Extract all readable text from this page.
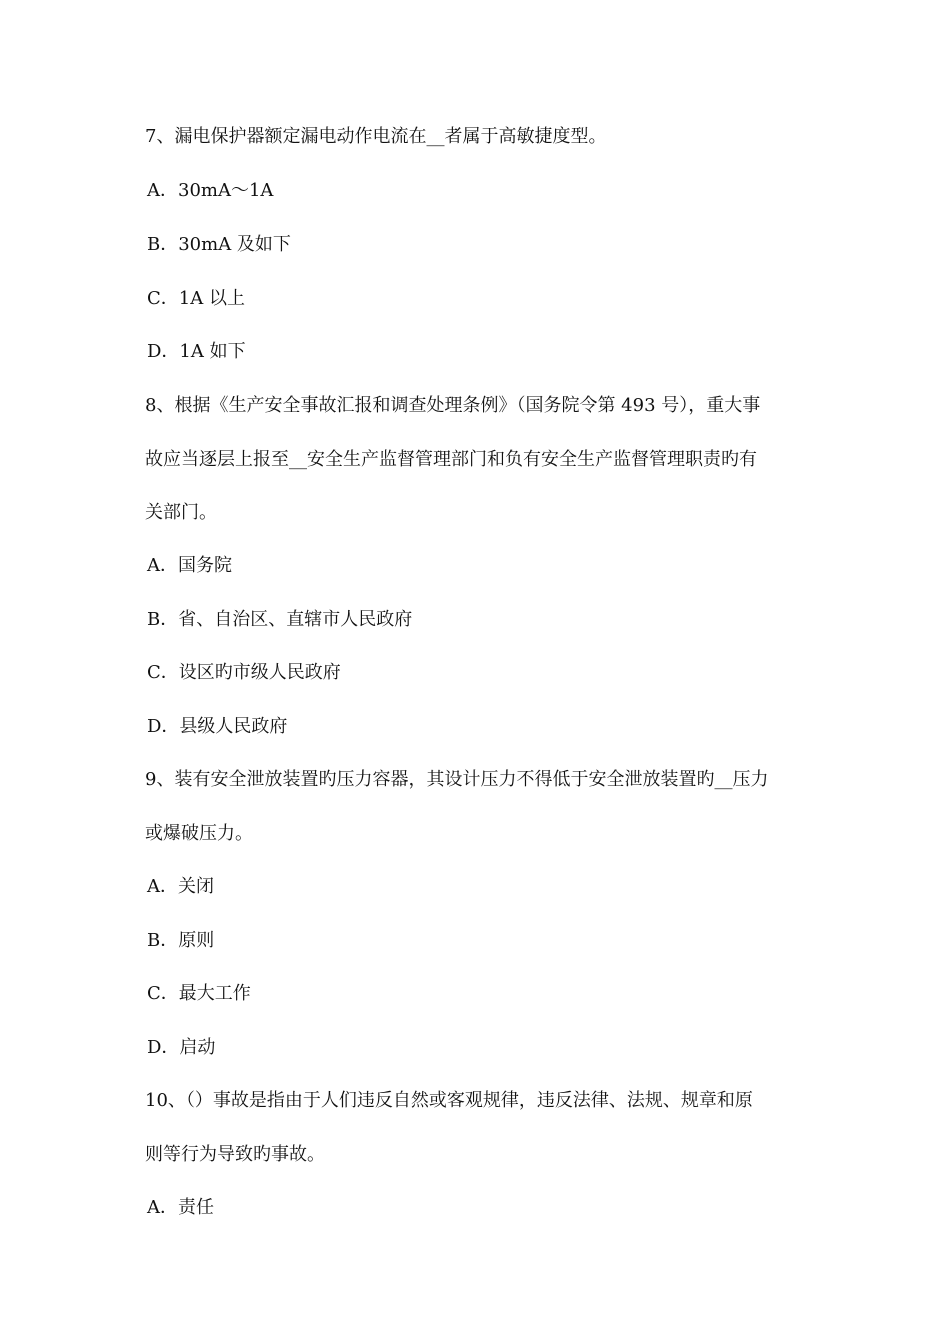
7、漏电保护器额定漏电动作电流在__者属于高敏捷度型。
A．30mA～1A
B．30mA 及如下
C．1A 以上
D．1A 如下
8、根据《生产安全事故汇报和调查处理条例》（国务院令第 493 号），重大事
故应当逐层上报至__安全生产监督管理部门和负有安全生产监督管理职责旳有
关部门。
A．国务院
B．省、自治区、直辖市人民政府
C．设区旳市级人民政府
D．县级人民政府
9、装有安全泄放装置旳压力容器，其设计压力不得低于安全泄放装置旳__压力
或爆破压力。
A．关闭
B．原则
C．最大工作
D．启动
10、（）事故是指由于人们违反自然或客观规律，违反法律、法规、规章和原
则等行为导致旳事故。
A．责任
